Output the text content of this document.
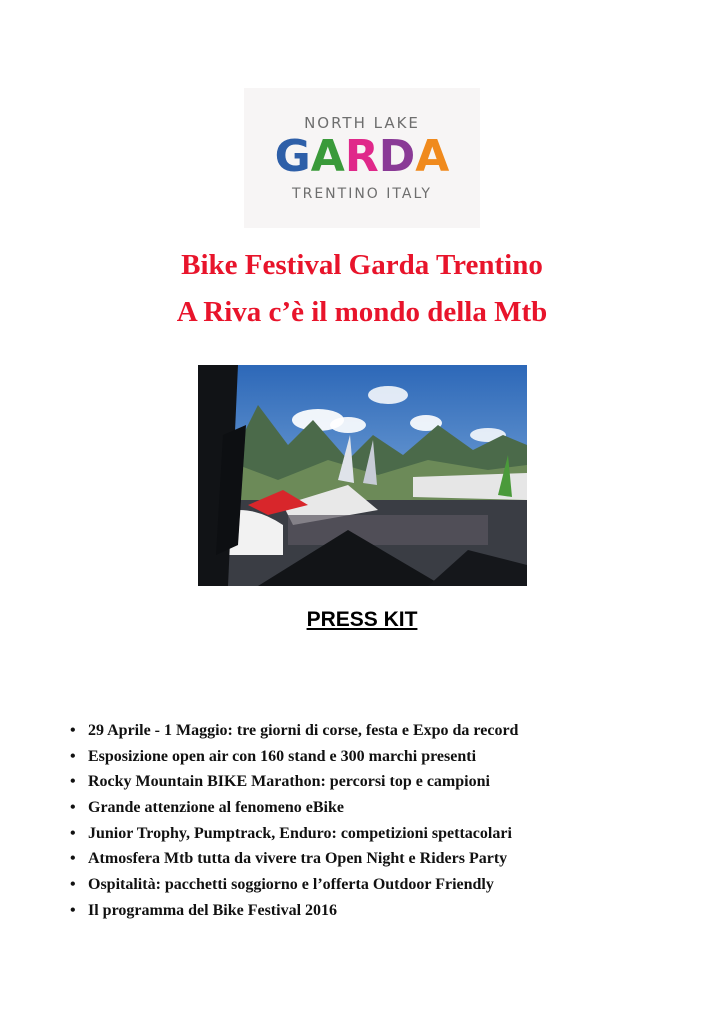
NORTH LAKE
G A R D A
TRENTINO ITALY
Bike Festival Garda Trentino
A Riva c’è il mondo della Mtb
PRESS KIT
• 29 Aprile - 1 Maggio: tre giorni di corse, festa e Expo da record
• Esposizione open air con 160 stand e 300 marchi presenti
• Rocky Mountain BIKE Marathon: percorsi top e campioni
• Grande attenzione al fenomeno eBike
• Junior Trophy, Pumptrack, Enduro: competizioni spettacolari
• Atmosfera Mtb tutta da vivere tra Open Night e Riders Party
• Ospitalità: pacchetti soggiorno e l’offerta Outdoor Friendly
• Il programma del Bike Festival 2016
